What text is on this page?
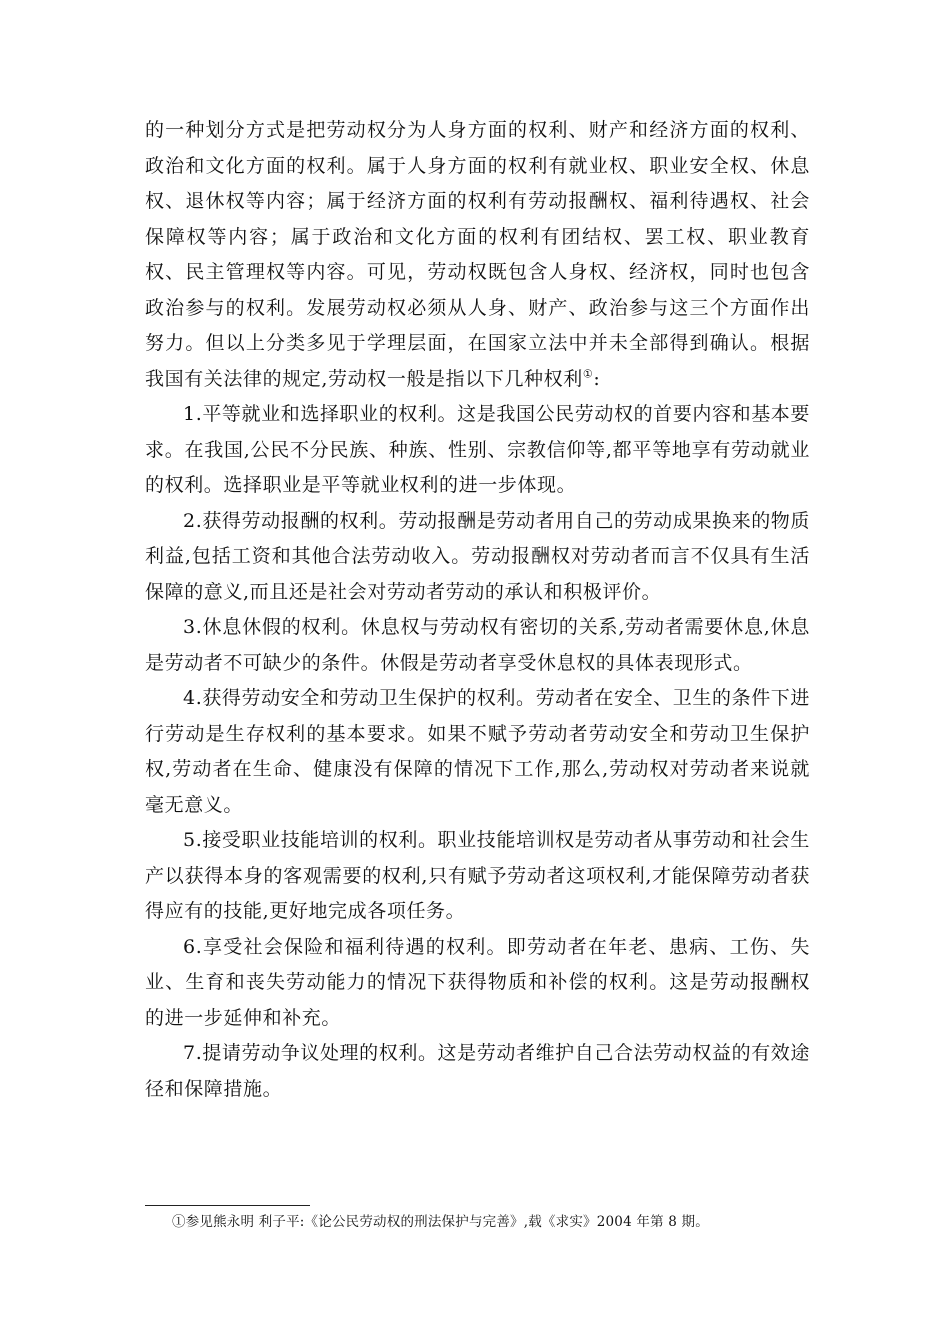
的一种划分方式是把劳动权分为人身方面的权利、财产和经济方面的权利、政治和文化方面的权利。属于人身方面的权利有就业权、职业安全权、休息权、退休权等内容；属于经济方面的权利有劳动报酬权、福利待遇权、社会保障权等内容；属于政治和文化方面的权利有团结权、罢工权、职业教育权、民主管理权等内容。可见，劳动权既包含人身权、经济权，同时也包含政治参与的权利。发展劳动权必须从人身、财产、政治参与这三个方面作出努力。但以上分类多见于学理层面，在国家立法中并未全部得到确认。根据我国有关法律的规定,劳动权一般是指以下几种权利①:

1.平等就业和选择职业的权利。这是我国公民劳动权的首要内容和基本要求。在我国,公民不分民族、种族、性别、宗教信仰等,都平等地享有劳动就业的权利。选择职业是平等就业权利的进一步体现。

2.获得劳动报酬的权利。劳动报酬是劳动者用自己的劳动成果换来的物质利益,包括工资和其他合法劳动收入。劳动报酬权对劳动者而言不仅具有生活保障的意义,而且还是社会对劳动者劳动的承认和积极评价。

3.休息休假的权利。休息权与劳动权有密切的关系,劳动者需要休息,休息是劳动者不可缺少的条件。休假是劳动者享受休息权的具体表现形式。

4.获得劳动安全和劳动卫生保护的权利。劳动者在安全、卫生的条件下进行劳动是生存权利的基本要求。如果不赋予劳动者劳动安全和劳动卫生保护权,劳动者在生命、健康没有保障的情况下工作,那么,劳动权对劳动者来说就毫无意义。

5.接受职业技能培训的权利。职业技能培训权是劳动者从事劳动和社会生产以获得本身的客观需要的权利,只有赋予劳动者这项权利,才能保障劳动者获得应有的技能,更好地完成各项任务。

6.享受社会保险和福利待遇的权利。即劳动者在年老、患病、工伤、失业、生育和丧失劳动能力的情况下获得物质和补偿的权利。这是劳动报酬权的进一步延伸和补充。

7.提请劳动争议处理的权利。这是劳动者维护自己合法劳动权益的有效途径和保障措施。

①参见熊永明 利子平:《论公民劳动权的刑法保护与完善》,载《求实》2004 年第 8 期。
